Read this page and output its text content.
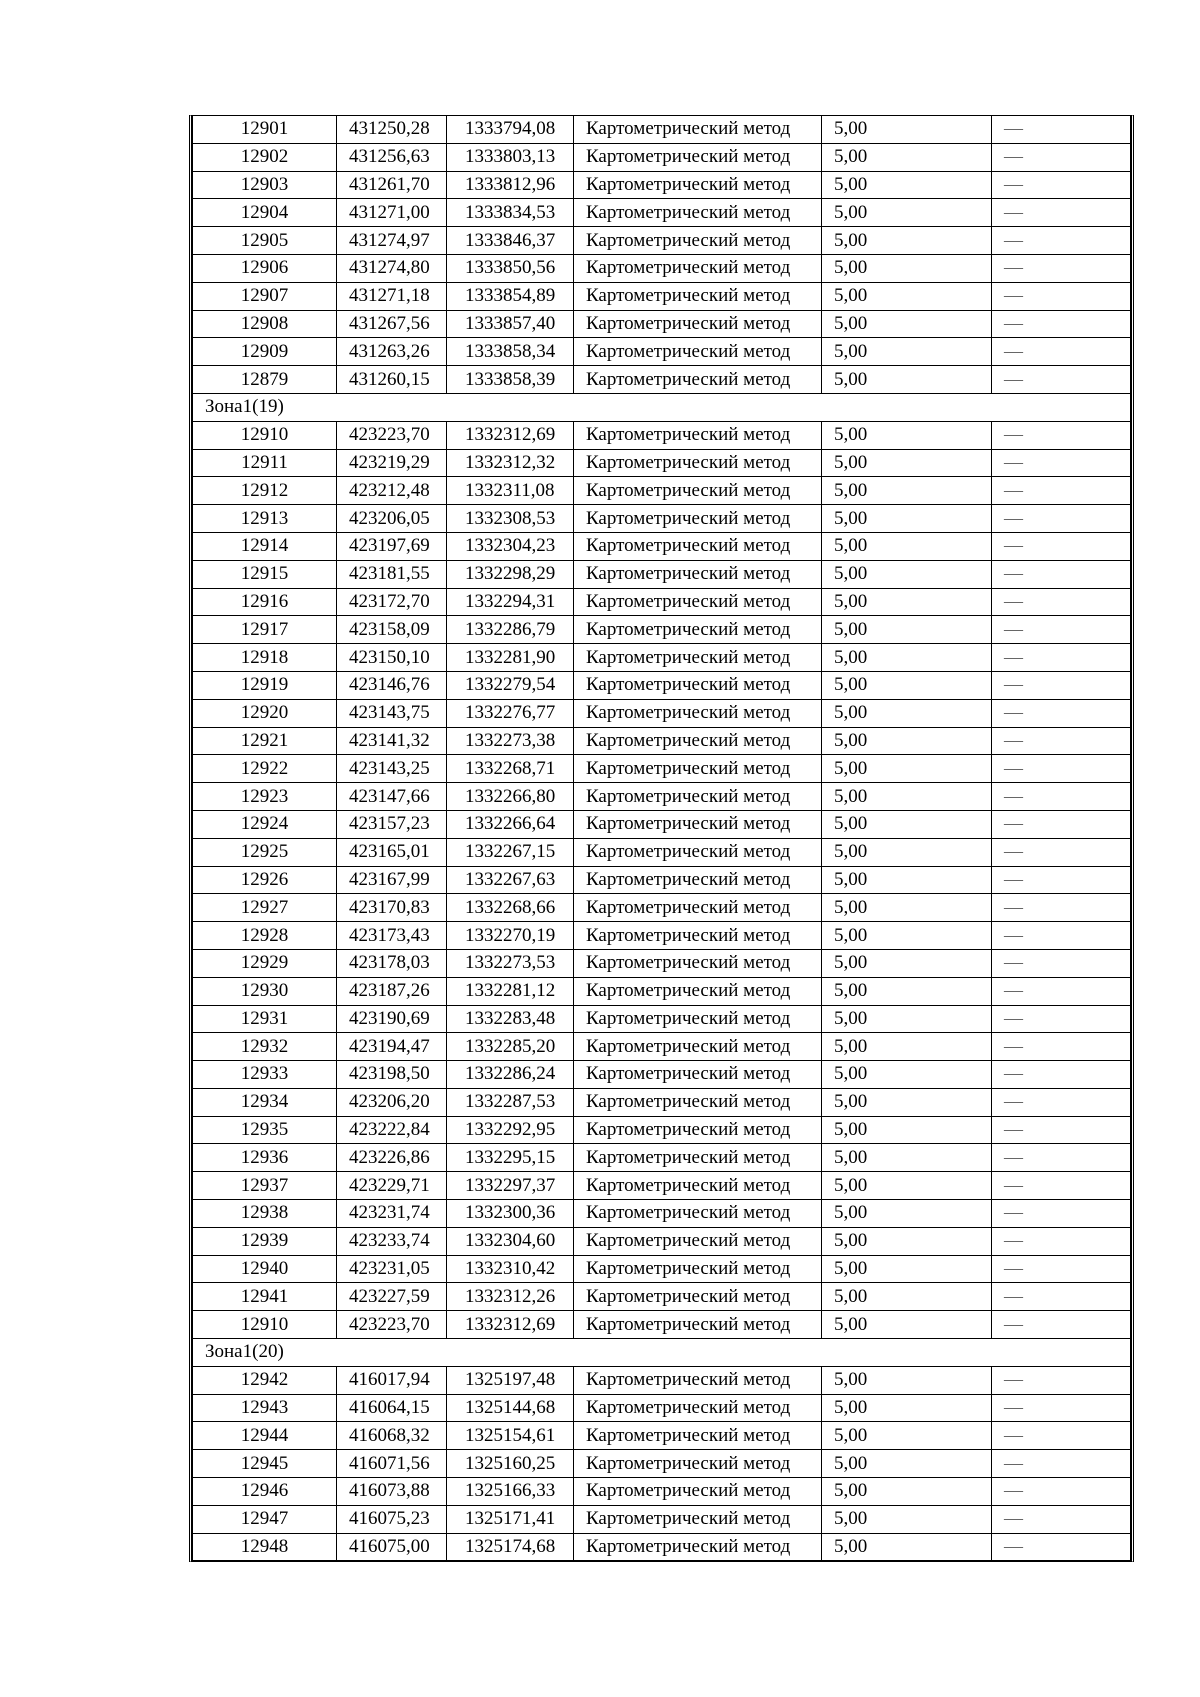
12901	431250,28	1333794,08	Картометрический метод	5,00	—
12902	431256,63	1333803,13	Картометрический метод	5,00	—
12903	431261,70	1333812,96	Картометрический метод	5,00	—
12904	431271,00	1333834,53	Картометрический метод	5,00	—
12905	431274,97	1333846,37	Картометрический метод	5,00	—
12906	431274,80	1333850,56	Картометрический метод	5,00	—
12907	431271,18	1333854,89	Картометрический метод	5,00	—
12908	431267,56	1333857,40	Картометрический метод	5,00	—
12909	431263,26	1333858,34	Картометрический метод	5,00	—
12879	431260,15	1333858,39	Картометрический метод	5,00	—
Зона1(19)					
12910	423223,70	1332312,69	Картометрический метод	5,00	—
12911	423219,29	1332312,32	Картометрический метод	5,00	—
12912	423212,48	1332311,08	Картометрический метод	5,00	—
12913	423206,05	1332308,53	Картометрический метод	5,00	—
12914	423197,69	1332304,23	Картометрический метод	5,00	—
12915	423181,55	1332298,29	Картометрический метод	5,00	—
12916	423172,70	1332294,31	Картометрический метод	5,00	—
12917	423158,09	1332286,79	Картометрический метод	5,00	—
12918	423150,10	1332281,90	Картометрический метод	5,00	—
12919	423146,76	1332279,54	Картометрический метод	5,00	—
12920	423143,75	1332276,77	Картометрический метод	5,00	—
12921	423141,32	1332273,38	Картометрический метод	5,00	—
12922	423143,25	1332268,71	Картометрический метод	5,00	—
12923	423147,66	1332266,80	Картометрический метод	5,00	—
12924	423157,23	1332266,64	Картометрический метод	5,00	—
12925	423165,01	1332267,15	Картометрический метод	5,00	—
12926	423167,99	1332267,63	Картометрический метод	5,00	—
12927	423170,83	1332268,66	Картометрический метод	5,00	—
12928	423173,43	1332270,19	Картометрический метод	5,00	—
12929	423178,03	1332273,53	Картометрический метод	5,00	—
12930	423187,26	1332281,12	Картометрический метод	5,00	—
12931	423190,69	1332283,48	Картометрический метод	5,00	—
12932	423194,47	1332285,20	Картометрический метод	5,00	—
12933	423198,50	1332286,24	Картометрический метод	5,00	—
12934	423206,20	1332287,53	Картометрический метод	5,00	—
12935	423222,84	1332292,95	Картометрический метод	5,00	—
12936	423226,86	1332295,15	Картометрический метод	5,00	—
12937	423229,71	1332297,37	Картометрический метод	5,00	—
12938	423231,74	1332300,36	Картометрический метод	5,00	—
12939	423233,74	1332304,60	Картометрический метод	5,00	—
12940	423231,05	1332310,42	Картометрический метод	5,00	—
12941	423227,59	1332312,26	Картометрический метод	5,00	—
12910	423223,70	1332312,69	Картометрический метод	5,00	—
Зона1(20)					
12942	416017,94	1325197,48	Картометрический метод	5,00	—
12943	416064,15	1325144,68	Картометрический метод	5,00	—
12944	416068,32	1325154,61	Картометрический метод	5,00	—
12945	416071,56	1325160,25	Картометрический метод	5,00	—
12946	416073,88	1325166,33	Картометрический метод	5,00	—
12947	416075,23	1325171,41	Картометрический метод	5,00	—
12948	416075,00	1325174,68	Картометрический метод	5,00	—
